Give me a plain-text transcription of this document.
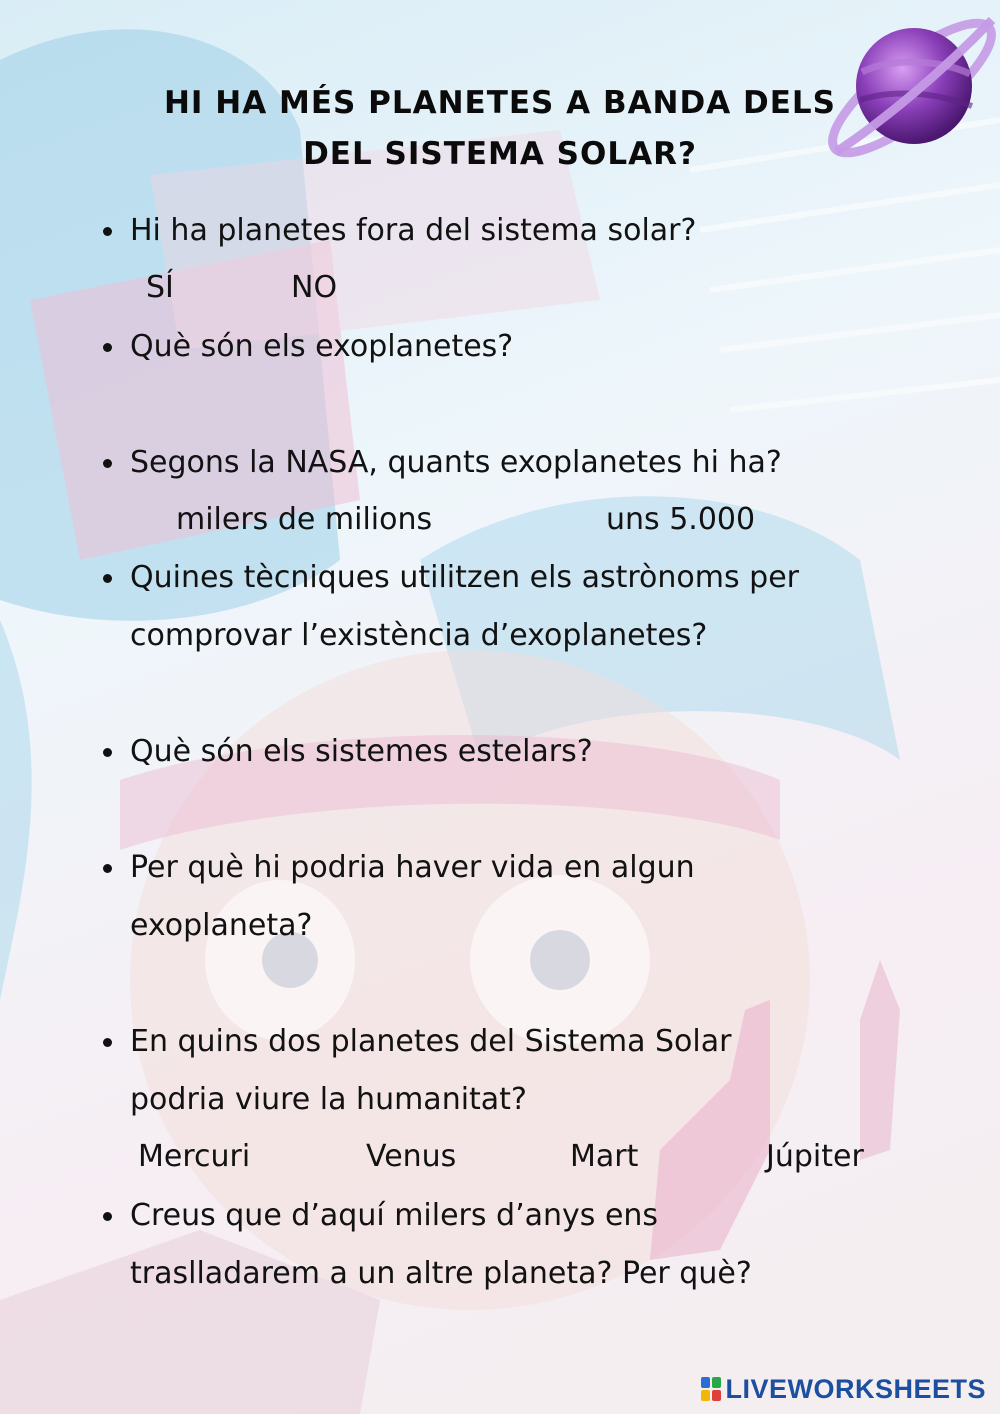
HI HA MÉS PLANETES A BANDA DELS
DEL SISTEMA SOLAR?
Hi ha planetes fora del sistema solar?
SÍ	NO
Què són els exoplanetes?
Segons la NASA, quants exoplanetes hi ha?
milers de milions	uns 5.000
Quines tècniques utilitzen els astrònoms per
comprovar l’existència d’exoplanetes?
Què són els sistemes estelars?
Per què hi podria haver vida en algun
exoplaneta?
En quins dos planetes del Sistema Solar
podria viure la humanitat?
Mercuri	Venus	Mart	Júpiter
Creus que d’aquí milers d’anys ens
traslladarem a un altre planeta? Per què?
LIVEWORKSHEETS
